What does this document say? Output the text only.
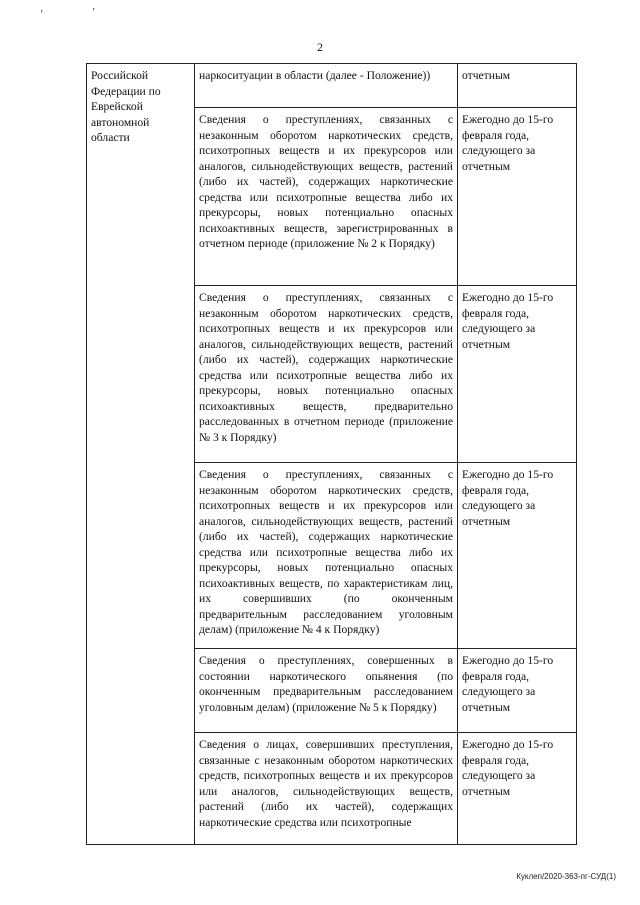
’	’
2
Российской Федерации по Еврейской автономной области	наркоситуации в области (далее - Положение))	отчетным
	Сведения о преступлениях, связанных с незаконным оборотом наркотических средств, психотропных веществ и их прекурсоров или аналогов, сильнодействующих веществ, растений (либо их частей), содержащих наркотические средства или психотропные вещества либо их прекурсоры, новых потенциально опасных психоактивных веществ, зарегистрированных в отчетном периоде (приложение № 2 к Порядку)	Ежегодно до 15-го февраля года, следующего за отчетным
	Сведения о преступлениях, связанных с незаконным оборотом наркотических средств, психотропных веществ и их прекурсоров или аналогов, сильнодействующих веществ, растений (либо их частей), содержащих наркотические средства или психотропные вещества либо их прекурсоры, новых потенциально опасных психоактивных веществ, предварительно расследованных в отчетном периоде (приложение № 3 к Порядку)	Ежегодно до 15-го февраля года, следующего за отчетным
	Сведения о преступлениях, связанных с незаконным оборотом наркотических средств, психотропных веществ и их прекурсоров или аналогов, сильнодействующих веществ, растений (либо их частей), содержащих наркотические средства или психотропные вещества либо их прекурсоры, новых потенциально опасных психоактивных веществ, по характеристикам лиц, их совершивших (по оконченным предварительным расследованием уголовным делам) (приложение № 4 к Порядку)	Ежегодно до 15-го февраля года, следующего за отчетным
	Сведения о преступлениях, совершенных в состоянии наркотического опьянения (по оконченным предварительным расследованием уголовным делам) (приложение № 5 к Порядку)	Ежегодно до 15-го февраля года, следующего за отчетным
	Сведения о лицах, совершивших преступления, связанные с незаконным оборотом наркотических средств, психотропных веществ и их прекурсоров или аналогов, сильнодействующих веществ, растений (либо их частей), содержащих наркотические средства или психотропные	Ежегодно до 15-го февраля года, следующего за отчетным
Куклеп/2020-363-пг-СУД(1)
